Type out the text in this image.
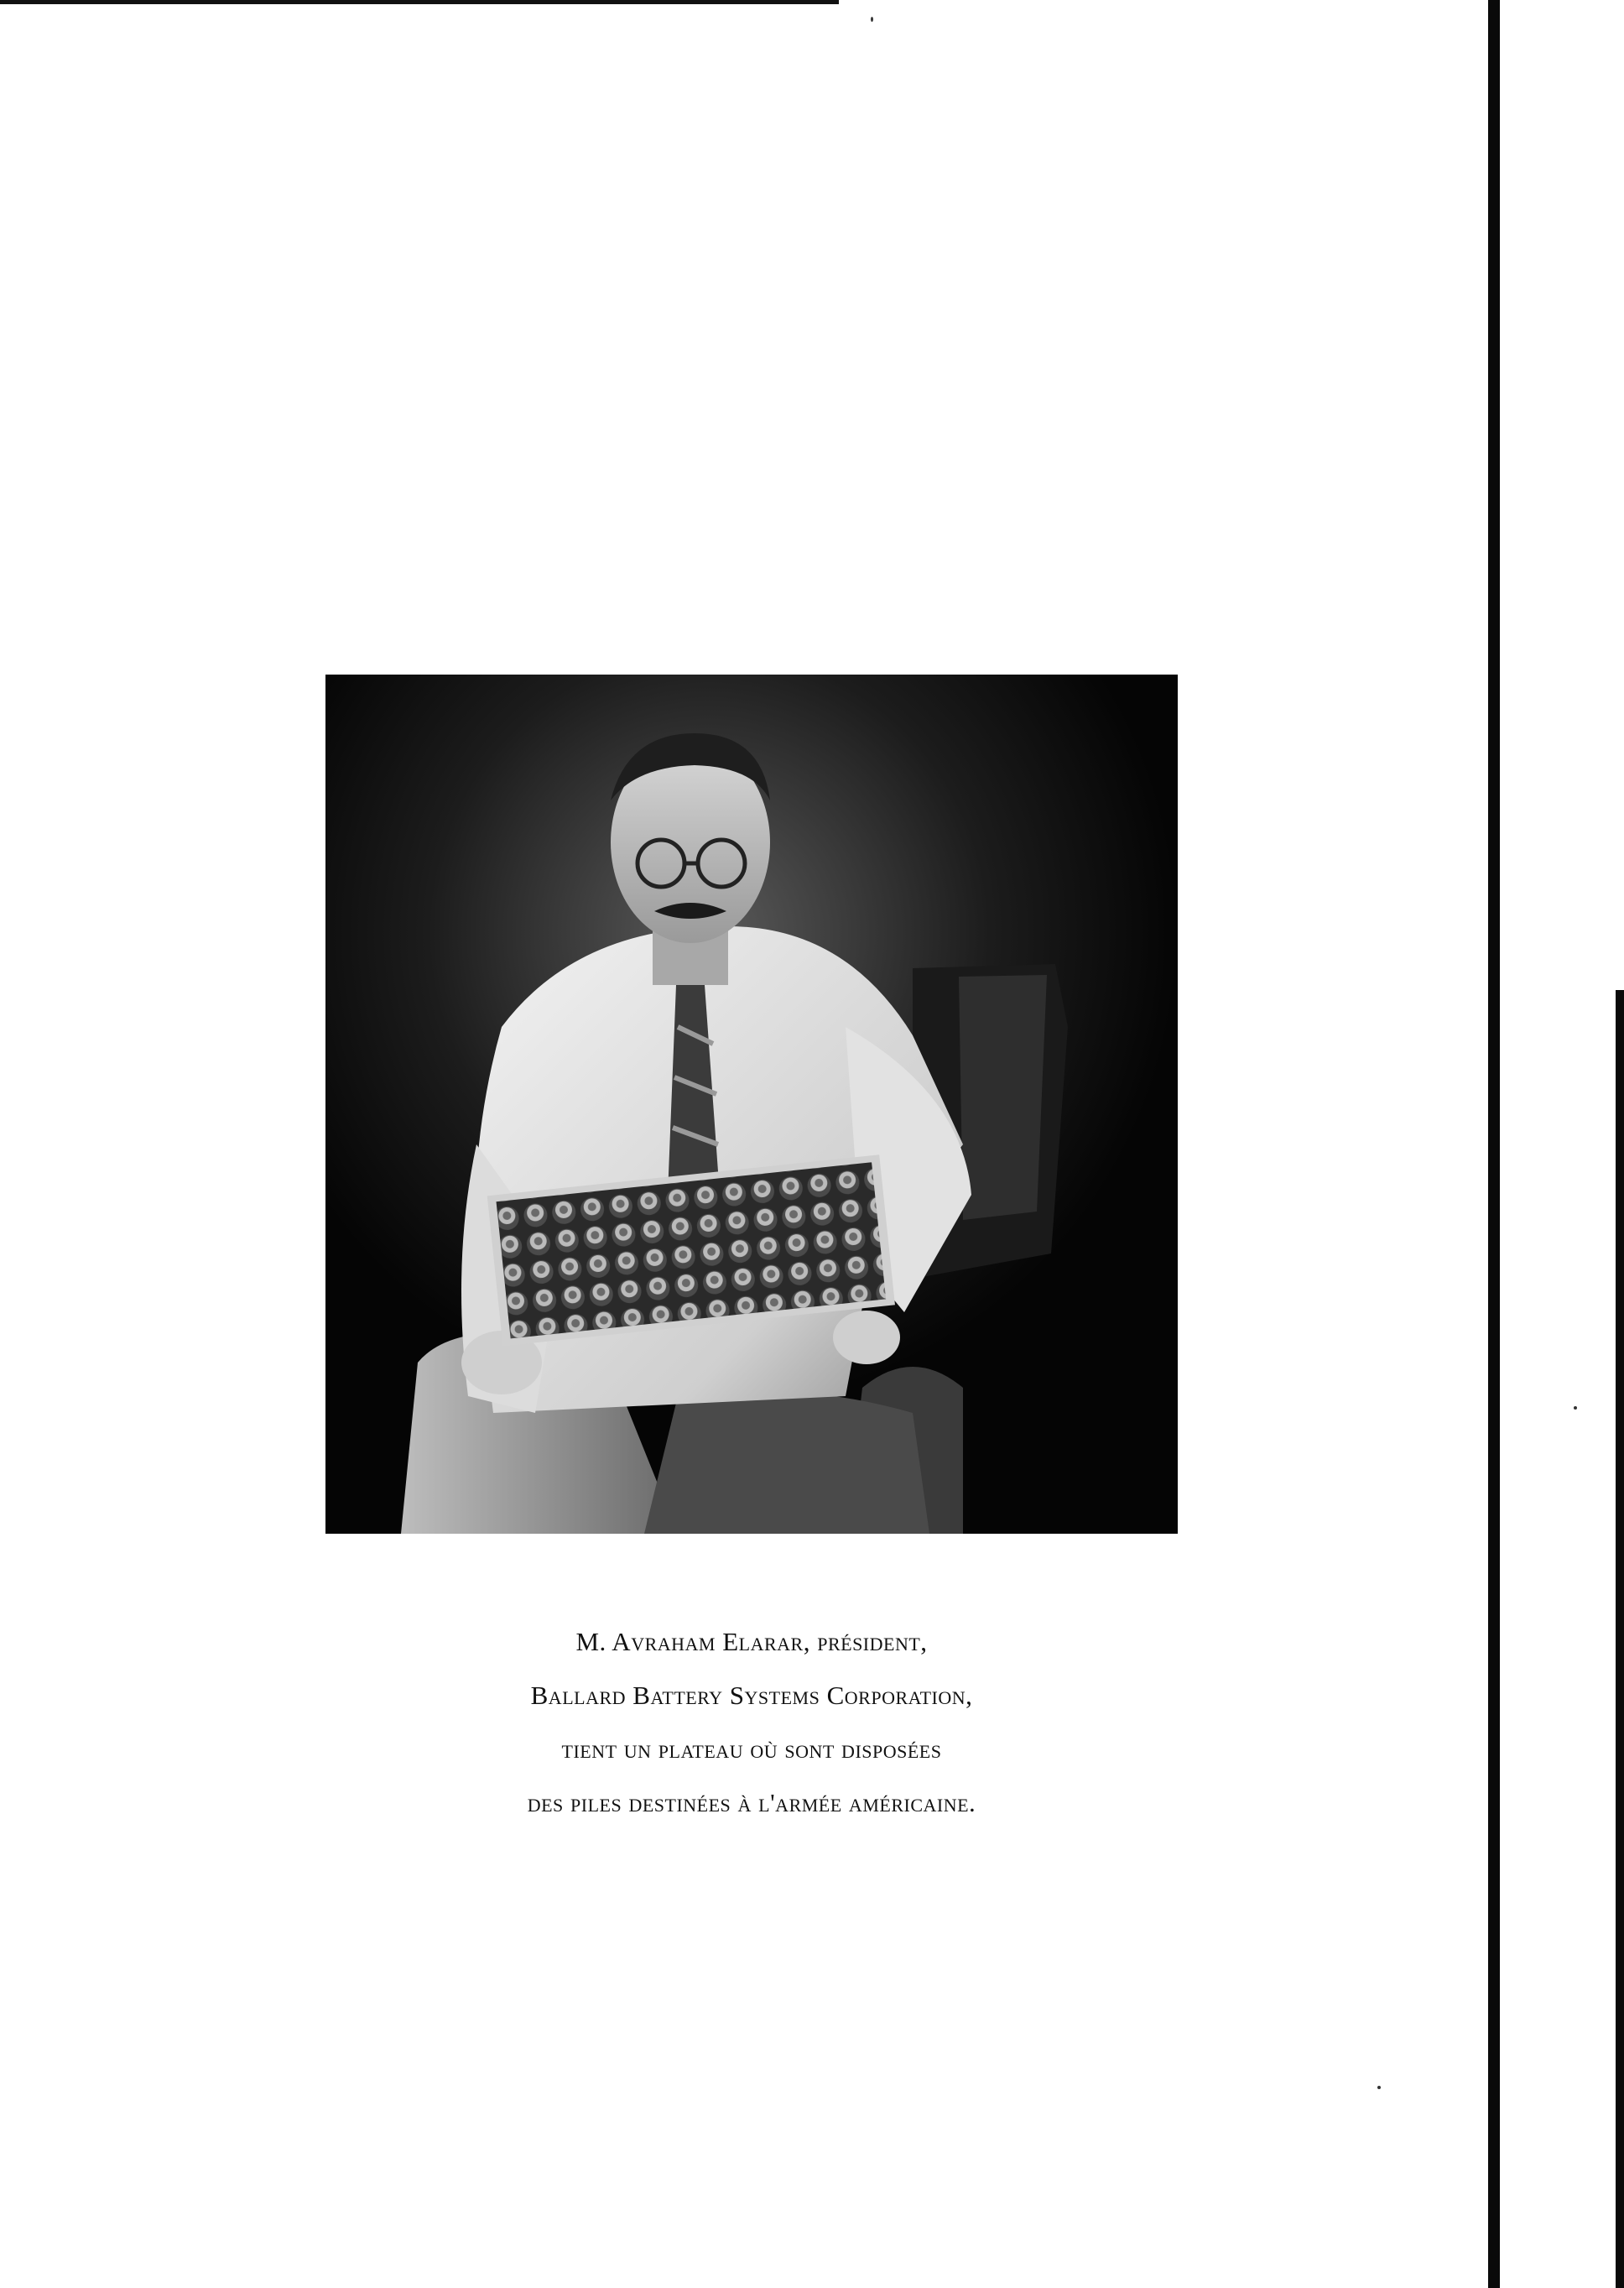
M. Avraham Elarar, président,
Ballard Battery Systems Corporation,
tient un plateau où sont disposées
des piles destinées à l'armée américaine.
